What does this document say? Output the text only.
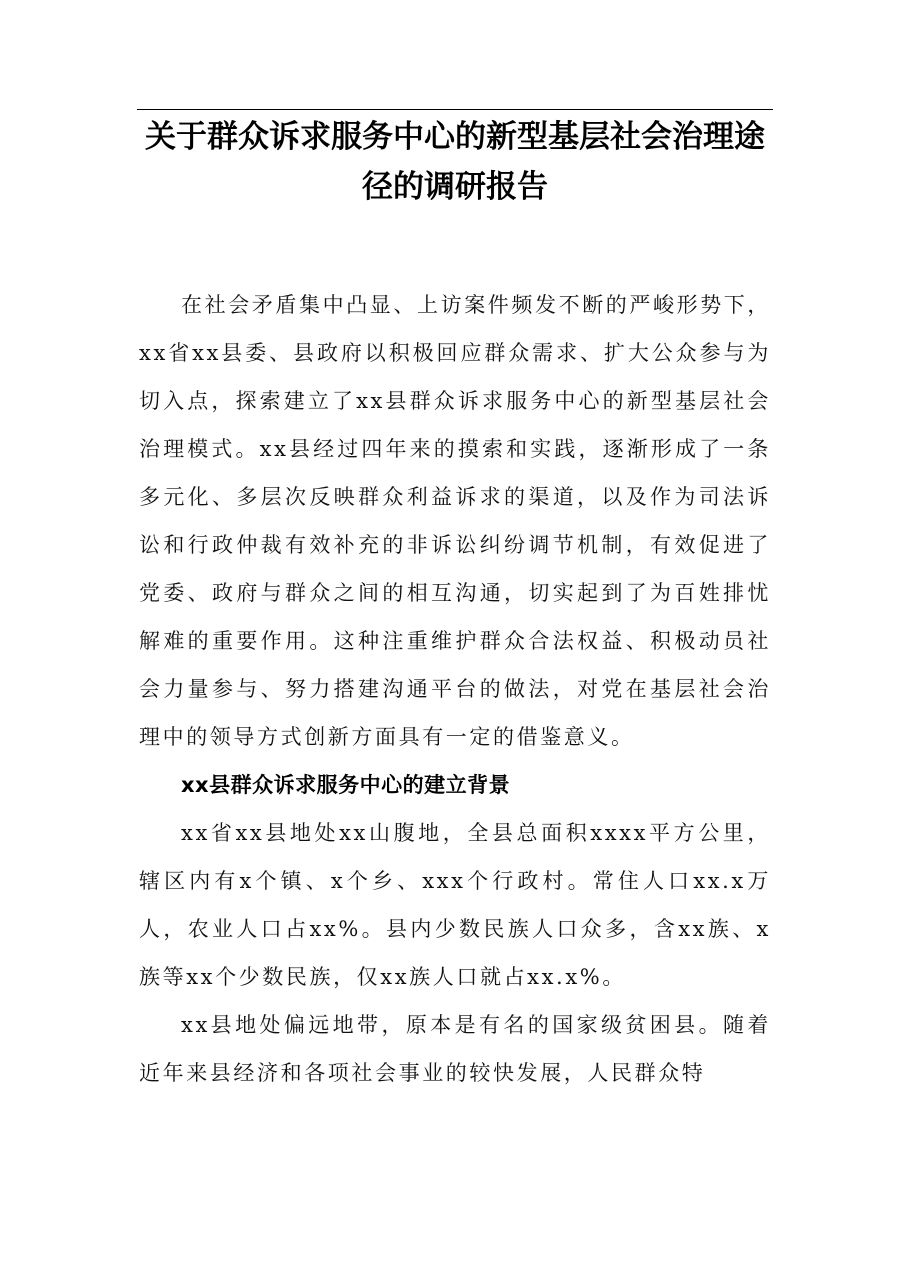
关于群众诉求服务中心的新型基层社会治理途径的调研报告

在社会矛盾集中凸显、上访案件频发不断的严峻形势下，xx省xx县委、县政府以积极回应群众需求、扩大公众参与为切入点，探索建立了xx县群众诉求服务中心的新型基层社会治理模式。xx县经过四年来的摸索和实践，逐渐形成了一条多元化、多层次反映群众利益诉求的渠道，以及作为司法诉讼和行政仲裁有效补充的非诉讼纠纷调节机制，有效促进了党委、政府与群众之间的相互沟通，切实起到了为百姓排忧解难的重要作用。这种注重维护群众合法权益、积极动员社会力量参与、努力搭建沟通平台的做法，对党在基层社会治理中的领导方式创新方面具有一定的借鉴意义。

xx县群众诉求服务中心的建立背景

xx省xx县地处xx山腹地，全县总面积xxxx平方公里，辖区内有x个镇、x个乡、xxx个行政村。常住人口xx.x万人，农业人口占xx%。县内少数民族人口众多，含xx族、x族等xx个少数民族，仅xx族人口就占xx.x%。

xx县地处偏远地带，原本是有名的国家级贫困县。随着近年来县经济和各项社会事业的较快发展，人民群众特
